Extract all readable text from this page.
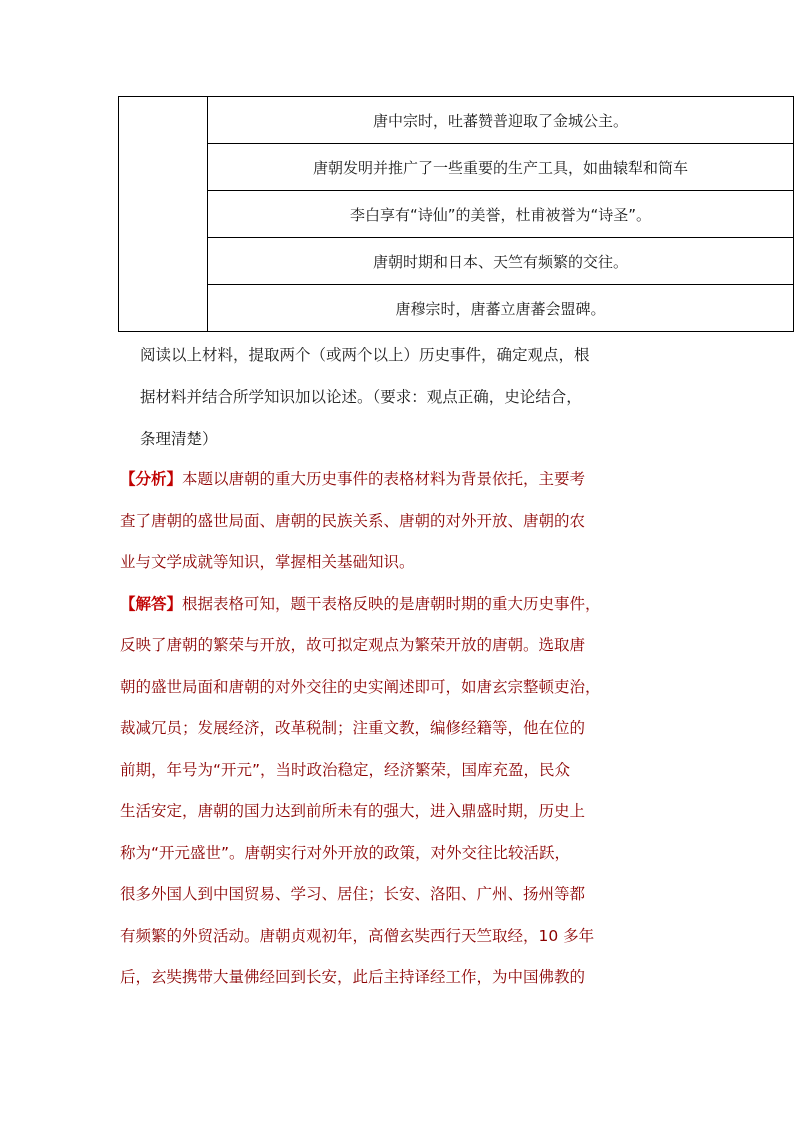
	唐中宗时，吐蕃赞普迎取了金城公主。
唐朝发明并推广了一些重要的生产工具，如曲辕犁和筒车
李白享有“诗仙”的美誉，杜甫被誉为“诗圣”。
唐朝时期和日本、天竺有频繁的交往。
唐穆宗时，唐蕃立唐蕃会盟碑。
阅读以上材料，提取两个（或两个以上）历史事件，确定观点，根
据材料并结合所学知识加以论述。（要求：观点正确，史论结合，
条理清楚）
【分析】本题以唐朝的重大历史事件的表格材料为背景依托，主要考
查了唐朝的盛世局面、唐朝的民族关系、唐朝的对外开放、唐朝的农
业与文学成就等知识，掌握相关基础知识。
【解答】根据表格可知，题干表格反映的是唐朝时期的重大历史事件，
反映了唐朝的繁荣与开放，故可拟定观点为繁荣开放的唐朝。选取唐
朝的盛世局面和唐朝的对外交往的史实阐述即可，如唐玄宗整顿吏治，
裁减冗员；发展经济，改革税制；注重文教，编修经籍等，他在位的
前期，年号为“开元”，当时政治稳定，经济繁荣，国库充盈，民众
生活安定，唐朝的国力达到前所未有的强大，进入鼎盛时期，历史上
称为“开元盛世”。唐朝实行对外开放的政策，对外交往比较活跃，
很多外国人到中国贸易、学习、居住；长安、洛阳、广州、扬州等都
有频繁的外贸活动。唐朝贞观初年，高僧玄奘西行天竺取经，10 多年
后，玄奘携带大量佛经回到长安，此后主持译经工作，为中国佛教的
